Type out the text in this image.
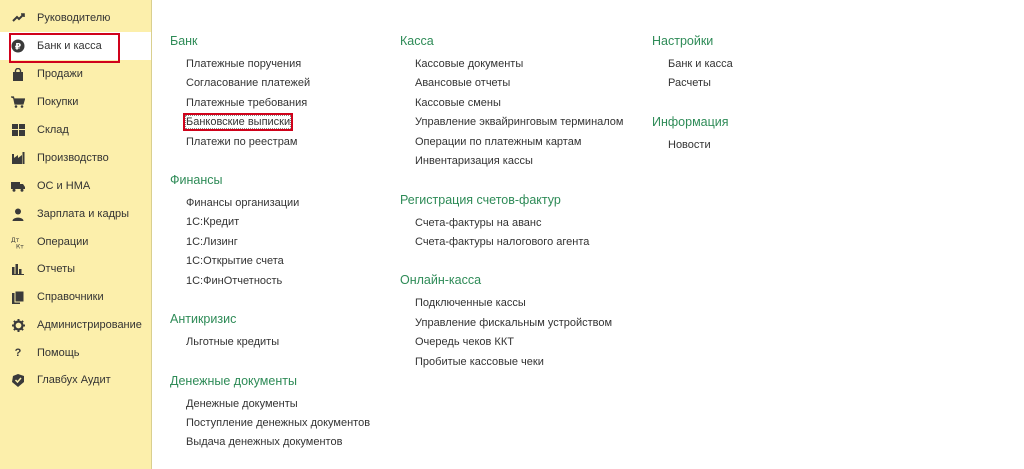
Руководителю
₽ Банк и касса
Продажи
Покупки
Склад
Производство
ОС и НМА
Зарплата и кадры
Дт
Кт Операции
Отчеты
Справочники
Администрирование
?	Помощь
Главбух Аудит
Банк
Платежные поручения
Согласование платежей
Платежные требования
Банковские выписки
Платежи по реестрам
Финансы
Финансы организации
1С:Кредит
1С:Лизинг
1С:Открытие счета
1С:ФинОтчетность
Антикризис
Льготные кредиты
Денежные документы
Денежные документы
Поступление денежных документов
Выдача денежных документов
Касса
Кассовые документы
Авансовые отчеты
Кассовые смены
Управление эквайринговым терминалом
Операции по платежным картам
Инвентаризация кассы
Регистрация счетов-фактур
Счета-фактуры на аванс
Счета-фактуры налогового агента
Онлайн-касса
Подключенные кассы
Управление фискальным устройством
Очередь чеков ККТ
Пробитые кассовые чеки
Настройки
Банк и касса
Расчеты
Информация
Новости
